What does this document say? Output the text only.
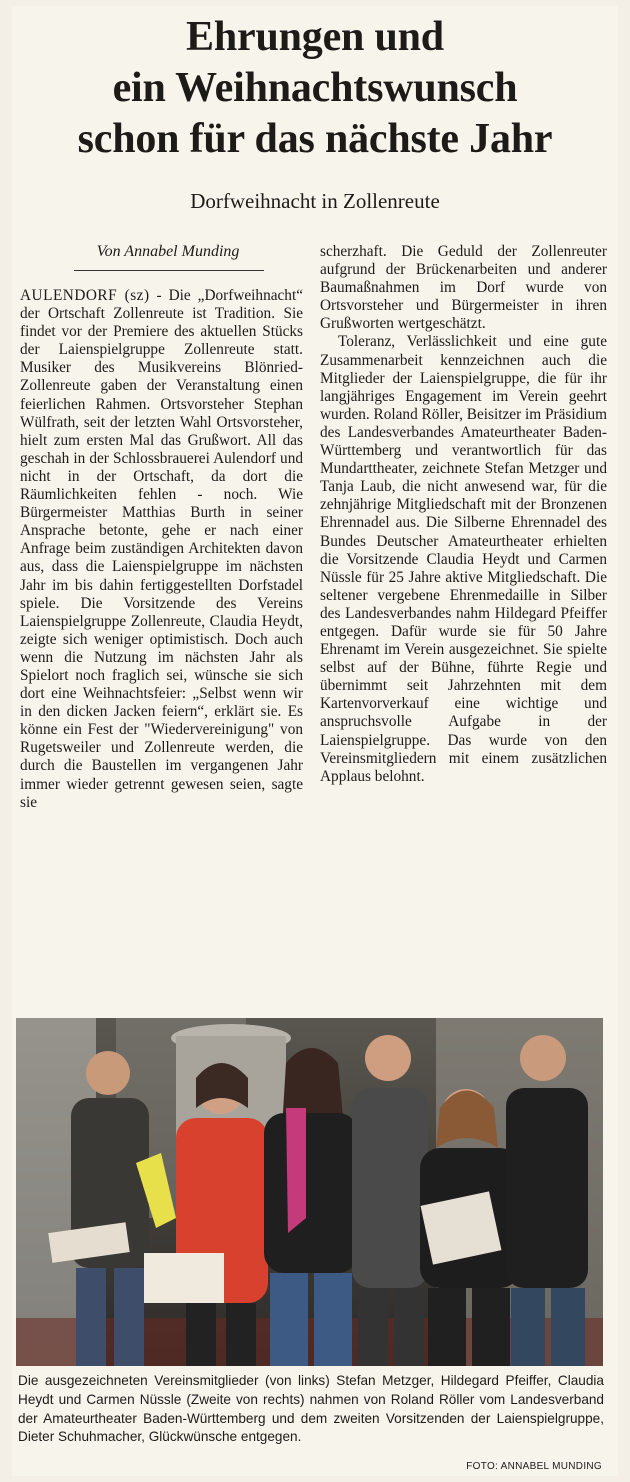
Ehrungen und
ein Weihnachtswunsch
schon für das nächste Jahr
Dorfweihnacht in Zollenreute
Von Annabel Munding

AULENDORF (sz) - Die „Dorfweihnacht“ der Ortschaft Zollenreute ist Tradition. Sie findet vor der Premiere des aktuellen Stücks der Laienspielgruppe Zollenreute statt. Musiker des Musikvereins Blönried-Zollenreute gaben der Veranstaltung einen feierlichen Rahmen. Ortsvorsteher Stephan Wülfrath, seit der letzten Wahl Ortsvorsteher, hielt zum ersten Mal das Grußwort. All das geschah in der Schlossbrauerei Aulendorf und nicht in der Ortschaft, da dort die Räumlichkeiten fehlen - noch. Wie Bürgermeister Matthias Burth in seiner Ansprache betonte, gehe er nach einer Anfrage beim zuständigen Architekten davon aus, dass die Laienspielgruppe im nächsten Jahr im bis dahin fertiggestellten Dorfstadel spiele. Die Vorsitzende des Vereins Laienspielgruppe Zollenreute, Claudia Heydt, zeigte sich weniger optimistisch. Doch auch wenn die Nutzung im nächsten Jahr als Spielort noch fraglich sei, wünsche sie sich dort eine Weihnachtsfeier: „Selbst wenn wir in den dicken Jacken feiern“, erklärt sie. Es könne ein Fest der "Wiedervereinigung" von Rugetsweiler und Zollenreute werden, die durch die Baustellen im vergangenen Jahr immer wieder getrennt gewesen seien, sagte sie

scherzhaft. Die Geduld der Zollenreuter aufgrund der Brückenarbeiten und anderer Baumaßnahmen im Dorf wurde von Ortsvorsteher und Bürgermeister in ihren Grußworten wertgeschätzt.

Toleranz, Verlässlichkeit und eine gute Zusammenarbeit kennzeichnen auch die Mitglieder der Laienspielgruppe, die für ihr langjähriges Engagement im Verein geehrt wurden. Roland Röller, Beisitzer im Präsidium des Landesverbandes Amateurtheater Baden-Württemberg und verantwortlich für das Mundarttheater, zeichnete Stefan Metzger und Tanja Laub, die nicht anwesend war, für die zehnjährige Mitgliedschaft mit der Bronzenen Ehrennadel aus. Die Silberne Ehrennadel des Bundes Deutscher Amateurtheater erhielten die Vorsitzende Claudia Heydt und Carmen Nüssle für 25 Jahre aktive Mitgliedschaft. Die seltener vergebene Ehrenmedaille in Silber des Landesverbandes nahm Hildegard Pfeiffer entgegen. Dafür wurde sie für 50 Jahre Ehrenamt im Verein ausgezeichnet. Sie spielte selbst auf der Bühne, führte Regie und übernimmt seit Jahrzehnten mit dem Kartenvorverkauf eine wichtige und anspruchsvolle Aufgabe in der Laienspielgruppe. Das wurde von den Vereinsmitgliedern mit einem zusätzlichen Applaus belohnt.

Die ausgezeichneten Vereinsmitglieder (von links) Stefan Metzger, Hildegard Pfeiffer, Claudia Heydt und Carmen Nüssle (Zweite von rechts) nahmen von Roland Röller vom Landesverband der Amateurtheater Baden-Württemberg und dem zweiten Vorsitzenden der Laienspielgruppe, Dieter Schuhmacher, Glückwünsche entgegen.

FOTO: ANNABEL MUNDING
